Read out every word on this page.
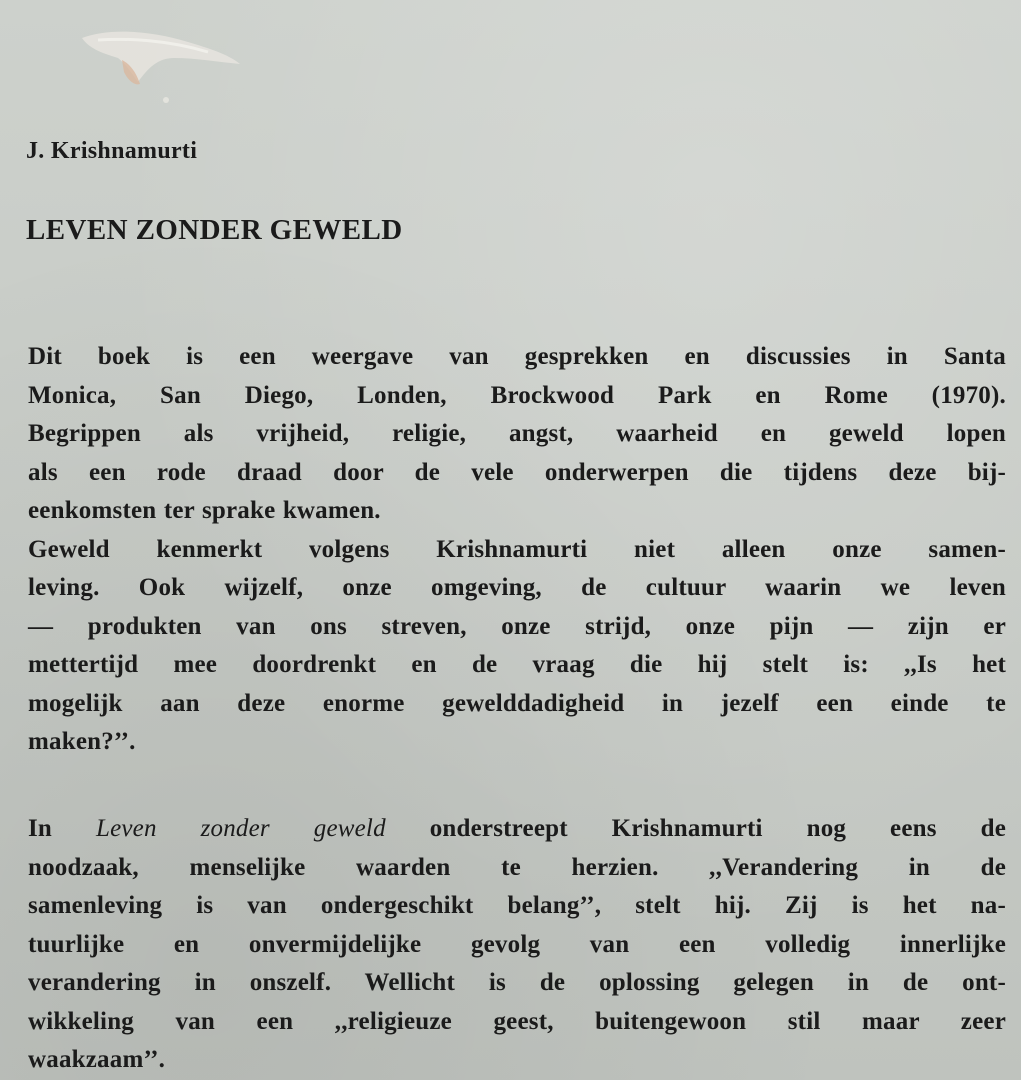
J. Krishnamurti
LEVEN ZONDER GEWELD
Dit boek is een weergave van gesprekken en discussies in Santa
Monica, San Diego, Londen, Brockwood Park en Rome (1970).
Begrippen als vrijheid, religie, angst, waarheid en geweld lopen
als een rode draad door de vele onderwerpen die tijdens deze bij-
eenkomsten ter sprake kwamen.
Geweld kenmerkt volgens Krishnamurti niet alleen onze samen-
leving. Ook wijzelf, onze omgeving, de cultuur waarin we leven
— produkten van ons streven, onze strijd, onze pijn — zijn er
mettertijd mee doordrenkt en de vraag die hij stelt is: ,,Is het
mogelijk aan deze enorme gewelddadigheid in jezelf een einde te
maken?’’.
In Leven zonder geweld onderstreept Krishnamurti nog eens de
noodzaak, menselijke waarden te herzien. ,,Verandering in de
samenleving is van ondergeschikt belang’’, stelt hij. Zij is het na-
tuurlijke en onvermijdelijke gevolg van een volledig innerlijke
verandering in onszelf. Wellicht is de oplossing gelegen in de ont-
wikkeling van een ,,religieuze geest, buitengewoon stil maar zeer
waakzaam’’.
